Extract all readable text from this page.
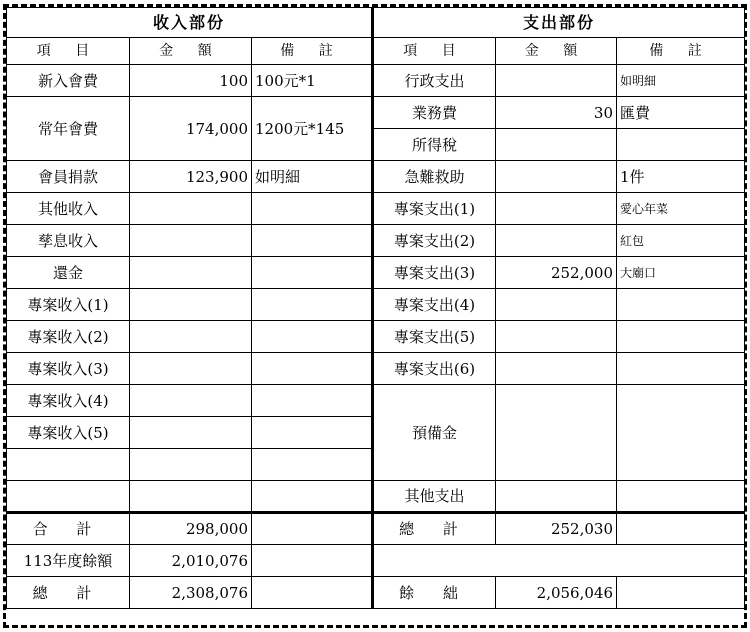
收入部份			支出部份		
項 目	金 額	備 註	項 目	金 額	備 註
新入會費	100	100元*1	行政支出		如明細
常年會費	174,000	1200元*145	業務費	30	匯費
			所得稅		
會員捐款	123,900	如明細	急難救助		1件
其他收入			專案支出(1)		愛心年菜
孳息收入			專案支出(2)		紅包
還金			專案支出(3)	252,000	大廟口
專案收入(1)			專案支出(4)		
專案收入(2)			專案支出(5)		
專案收入(3)			專案支出(6)		
專案收入(4)			預備金		
專案收入(5)					

			其他支出		
合 計	298,000		總 計	252,030	
113年度餘額	2,010,076				
總 計	2,308,076		餘 絀	2,056,046	
